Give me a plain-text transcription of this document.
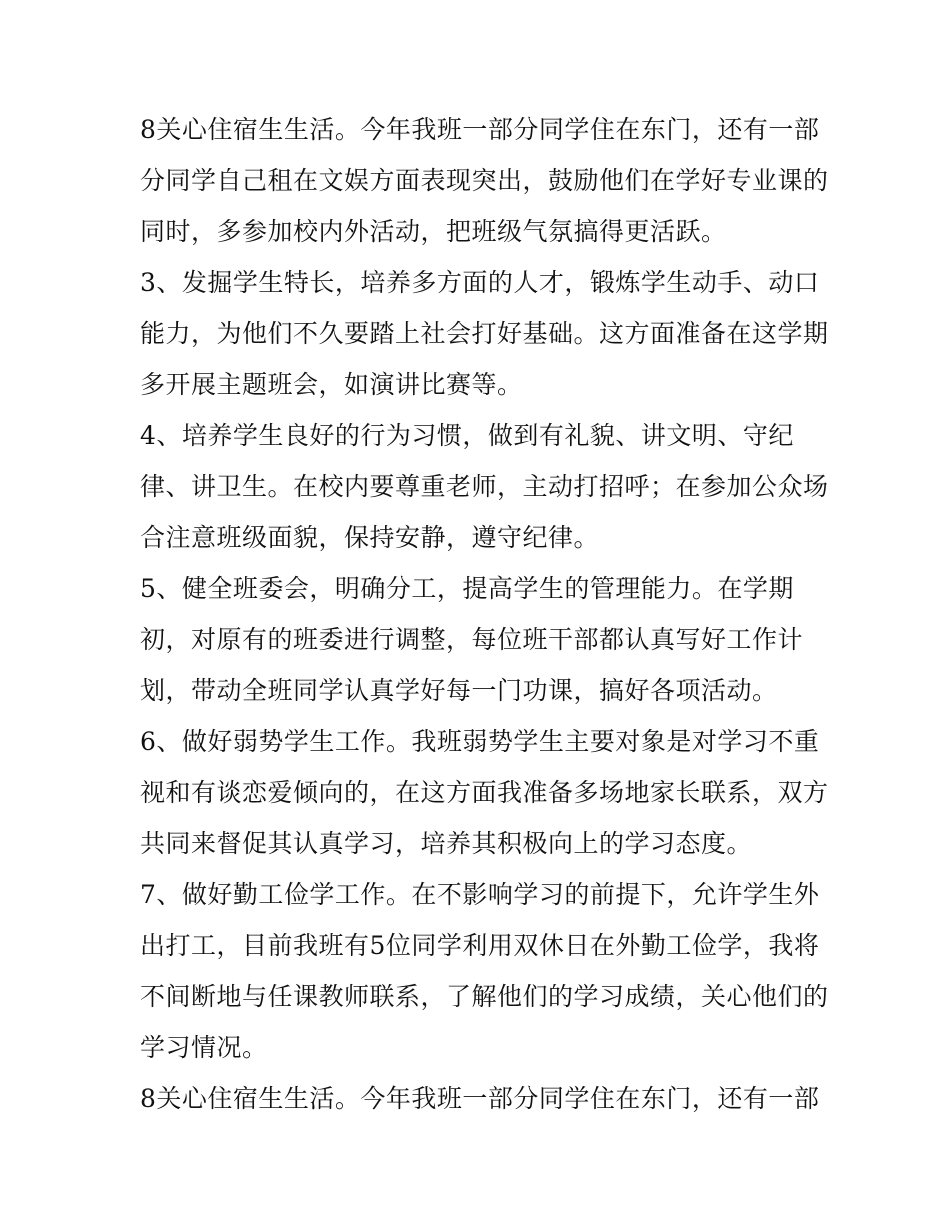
8关心住宿生生活。今年我班一部分同学住在东门，还有一部

分同学自己租在文娱方面表现突出，鼓励他们在学好专业课的

同时，多参加校内外活动，把班级气氛搞得更活跃。

3、发掘学生特长，培养多方面的人才，锻炼学生动手、动口

能力，为他们不久要踏上社会打好基础。这方面准备在这学期

多开展主题班会，如演讲比赛等。

4、培养学生良好的行为习惯，做到有礼貌、讲文明、守纪

律、讲卫生。在校内要尊重老师，主动打招呼；在参加公众场

合注意班级面貌，保持安静，遵守纪律。

5、健全班委会，明确分工，提高学生的管理能力。在学期

初，对原有的班委进行调整，每位班干部都认真写好工作计

划，带动全班同学认真学好每一门功课，搞好各项活动。

6、做好弱势学生工作。我班弱势学生主要对象是对学习不重

视和有谈恋爱倾向的，在这方面我准备多场地家长联系，双方

共同来督促其认真学习，培养其积极向上的学习态度。

7、做好勤工俭学工作。在不影响学习的前提下，允许学生外

出打工，目前我班有5位同学利用双休日在外勤工俭学，我将

不间断地与任课教师联系，了解他们的学习成绩，关心他们的

学习情况。

8关心住宿生生活。今年我班一部分同学住在东门，还有一部
